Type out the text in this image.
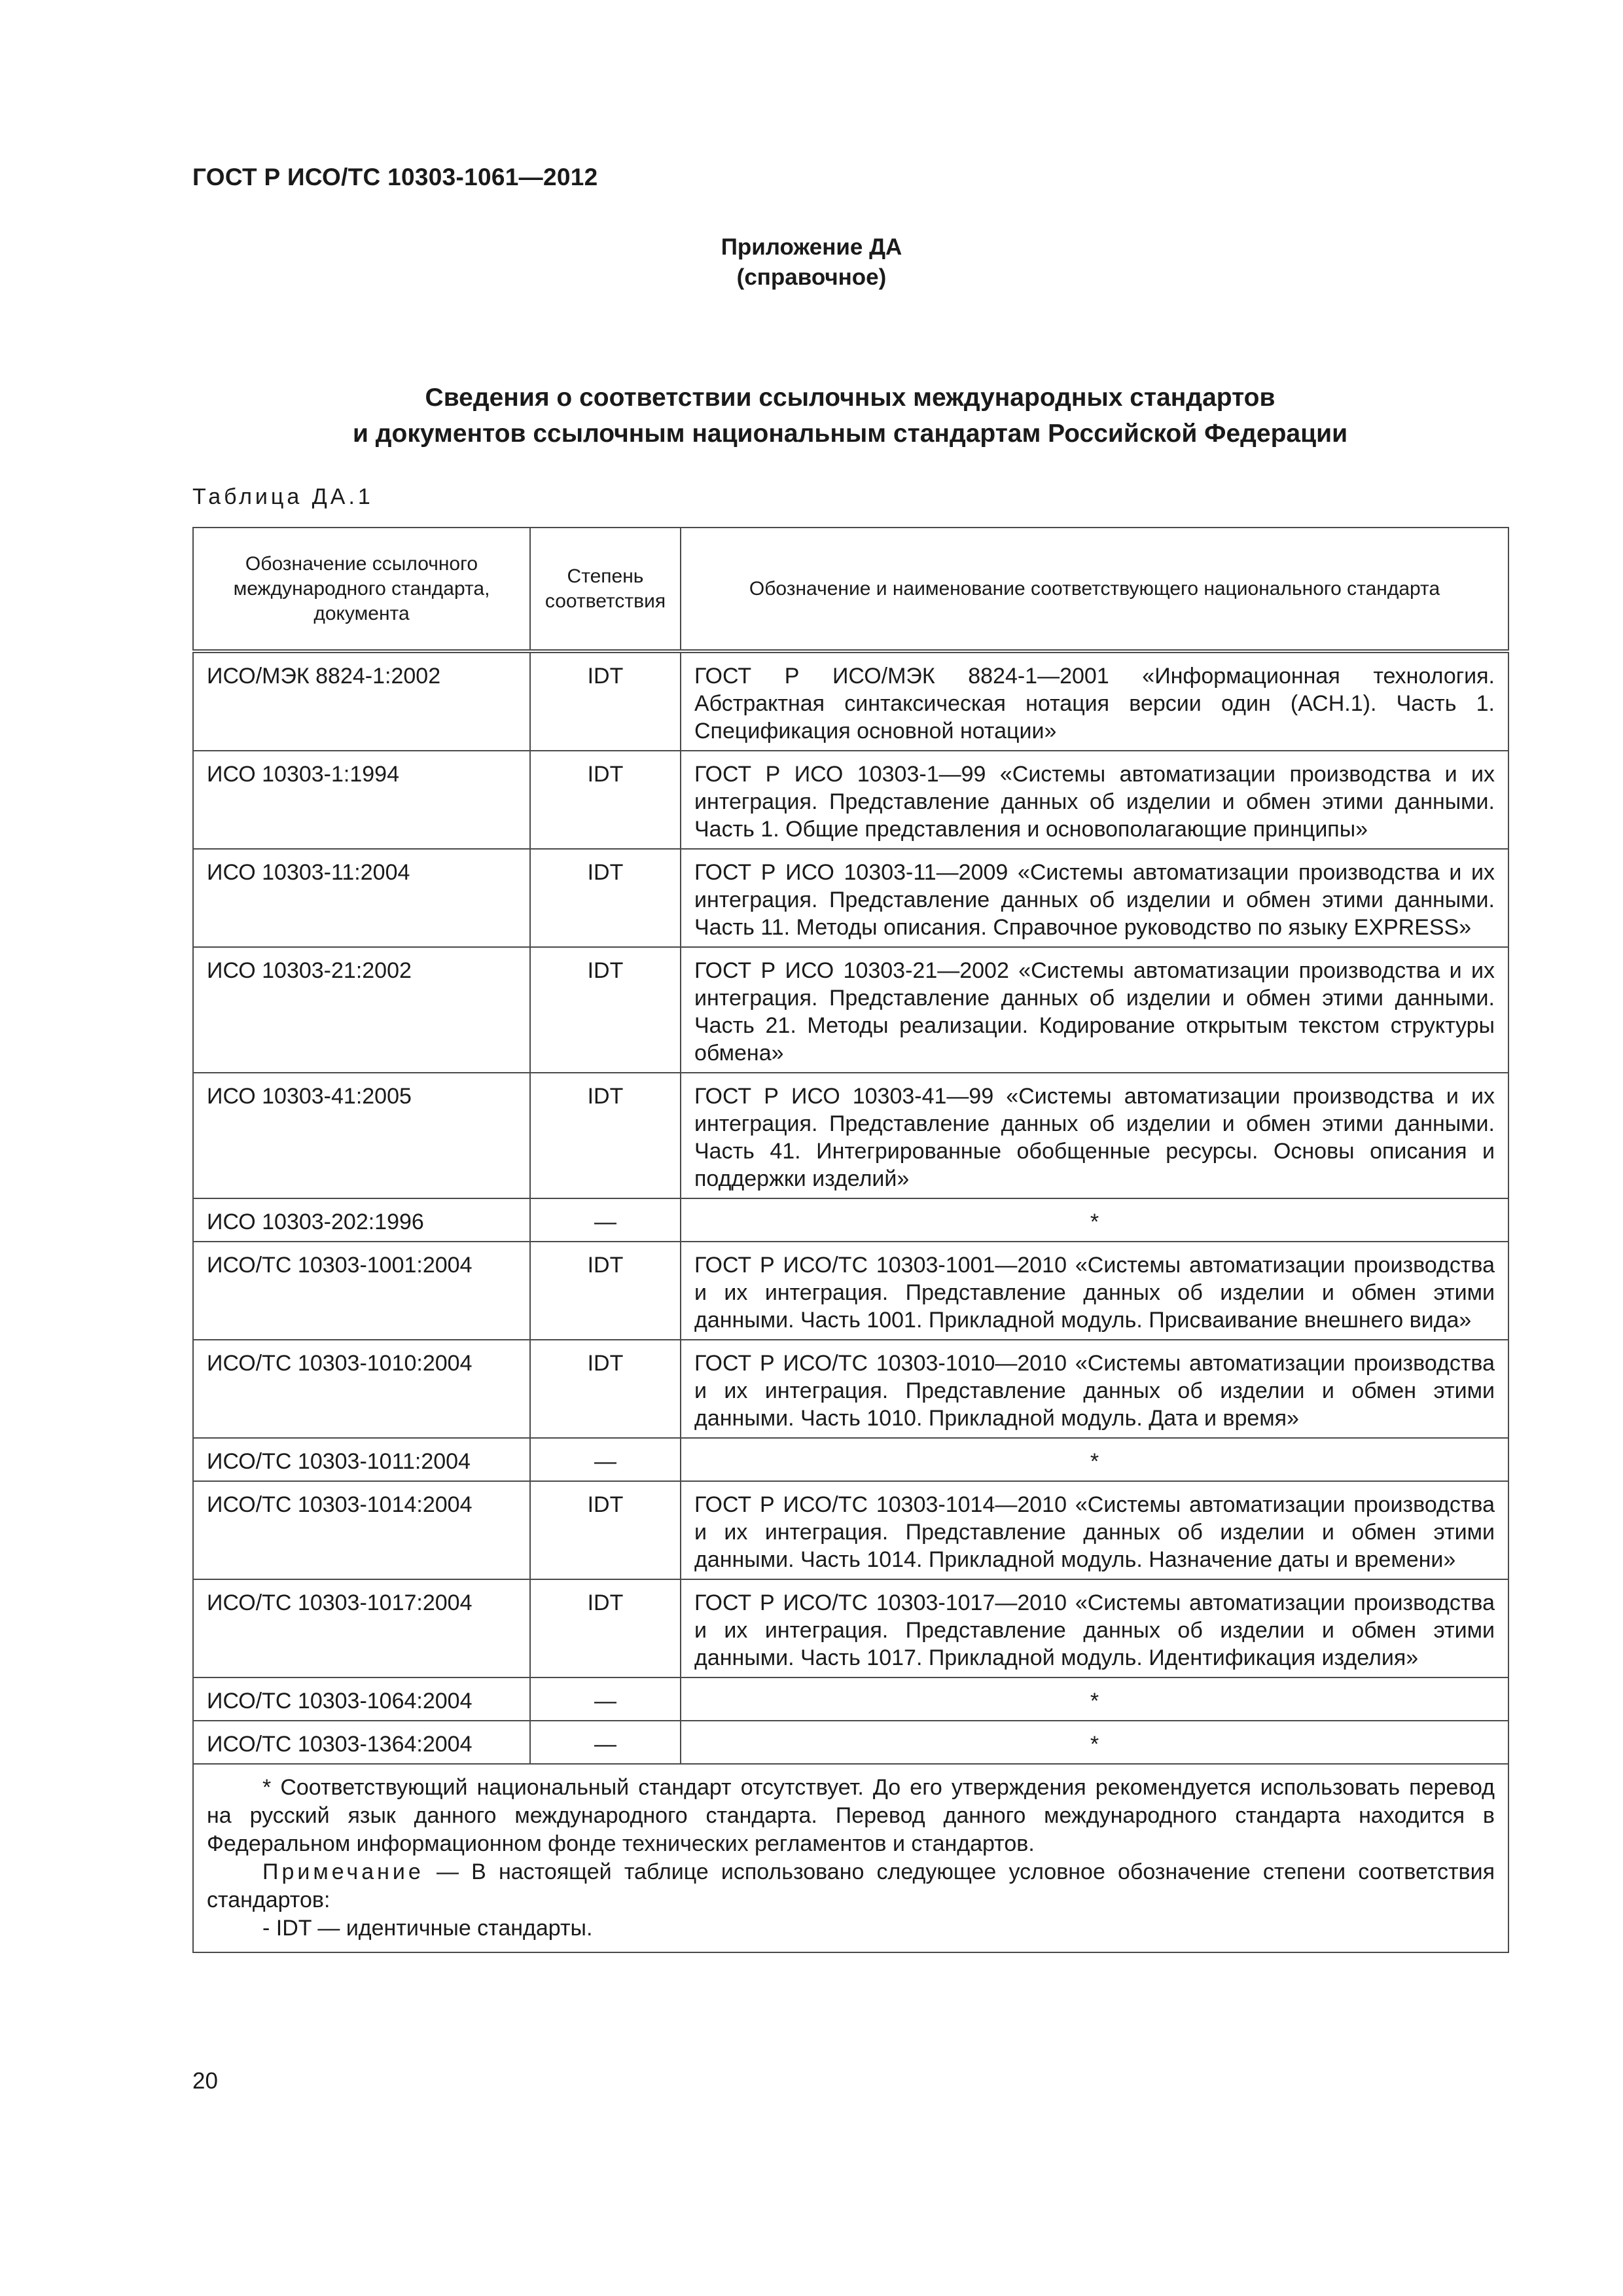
ГОСТ Р ИСО/ТС 10303-1061—2012
Приложение ДА
(справочное)
Сведения о соответствии ссылочных международных стандартов
и документов ссылочным национальным стандартам Российской Федерации
Таблица ДА.1
Обозначение ссылочного международного стандарта, документа	Степень соответствия	Обозначение и наименование соответствующего национального стандарта
ИСО/МЭК 8824-1:2002	IDT	ГОСТ Р ИСО/МЭК 8824-1—2001 «Информационная технология. Абстрактная синтаксическая нотация версии один (АСН.1). Часть 1. Спецификация основной нотации»
ИСО 10303-1:1994	IDT	ГОСТ Р ИСО 10303-1—99 «Системы автоматизации производства и их интеграция. Представление данных об изделии и обмен этими данными. Часть 1. Общие представления и основополагающие принципы»
ИСО 10303-11:2004	IDT	ГОСТ Р ИСО 10303-11—2009 «Системы автоматизации производства и их интеграция. Представление данных об изделии и обмен этими данными. Часть 11. Методы описания. Справочное руководство по языку EXPRESS»
ИСО 10303-21:2002	IDT	ГОСТ Р ИСО 10303-21—2002 «Системы автоматизации производства и их интеграция. Представление данных об изделии и обмен этими данными. Часть 21. Методы реализации. Кодирование открытым текстом структуры обмена»
ИСО 10303-41:2005	IDT	ГОСТ Р ИСО 10303-41—99 «Системы автоматизации производства и их интеграция. Представление данных об изделии и обмен этими данными. Часть 41. Интегрированные обобщенные ресурсы. Основы описания и поддержки изделий»
ИСО 10303-202:1996	—	*
ИСО/ТС 10303-1001:2004	IDT	ГОСТ Р ИСО/ТС 10303-1001—2010 «Системы автоматизации производства и их интеграция. Представление данных об изделии и обмен этими данными. Часть 1001. Прикладной модуль. Присваивание внешнего вида»
ИСО/ТС 10303-1010:2004	IDT	ГОСТ Р ИСО/ТС 10303-1010—2010 «Системы автоматизации производства и их интеграция. Представление данных об изделии и обмен этими данными. Часть 1010. Прикладной модуль. Дата и время»
ИСО/ТС 10303-1011:2004	—	*
ИСО/ТС 10303-1014:2004	IDT	ГОСТ Р ИСО/ТС 10303-1014—2010 «Системы автоматизации производства и их интеграция. Представление данных об изделии и обмен этими данными. Часть 1014. Прикладной модуль. Назначение даты и времени»
ИСО/ТС 10303-1017:2004	IDT	ГОСТ Р ИСО/ТС 10303-1017—2010 «Системы автоматизации производства и их интеграция. Представление данных об изделии и обмен этими данными. Часть 1017. Прикладной модуль. Идентификация изделия»
ИСО/ТС 10303-1064:2004	—	*
ИСО/ТС 10303-1364:2004	—	*

* Соответствующий национальный стандарт отсутствует. До его утверждения рекомендуется использовать перевод на русский язык данного международного стандарта. Перевод данного международного стандарта находится в Федеральном информационном фонде технических регламентов и стандартов.

Примечание — В настоящей таблице использовано следующее условное обозначение степени соответствия стандартов:

- IDT — идентичные стандарты.		

20
